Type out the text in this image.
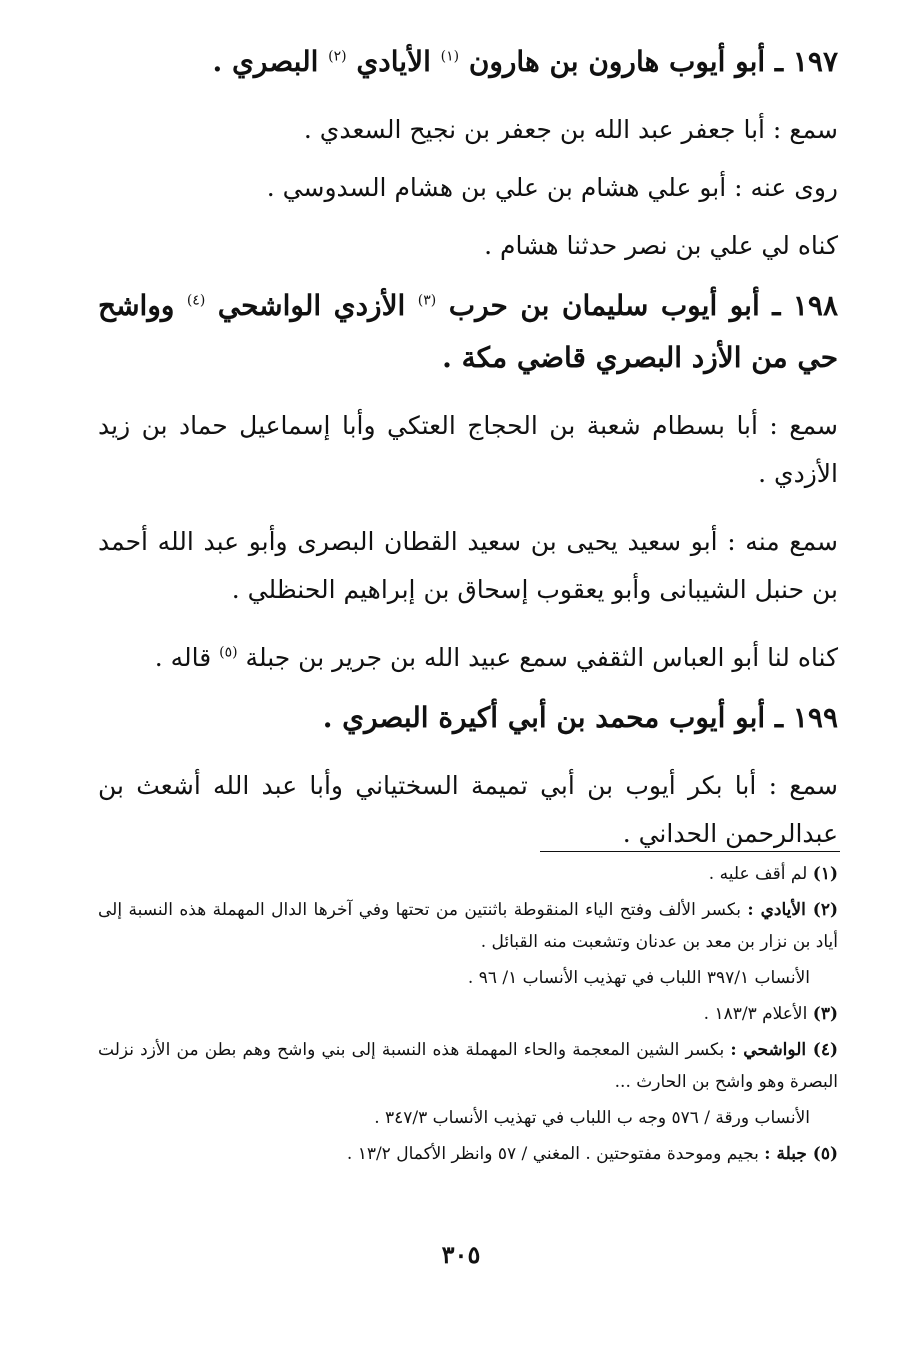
١٩٧ ـ أبو أيوب هارون بن هارون $^{(١)}$ الأيادي $^{(٢)}$ البصري .

سمع : أبا جعفر عبد الله بن جعفر بن نجيح السعدي .

روى عنه : أبو علي هشام بن علي بن هشام السدوسي .

كناه لي علي بن نصر حدثنا هشام .

١٩٨ ـ أبو أيوب سليمان بن حرب $^{(٣)}$ الأزدي الواشحي $^{(٤)}$ وواشح حي من الأزد البصري قاضي مكة .

سمع : أبا بسطام شعبة بن الحجاج العتكي وأبا إسماعيل حماد بن زيد الأزدي .

سمع منه : أبو سعيد يحيى بن سعيد القطان البصرى وأبو عبد الله أحمد بن حنبل الشيبانى وأبو يعقوب إسحاق بن إبراهيم الحنظلي .

كناه لنا أبو العباس الثقفي سمع عبيد الله بن جرير بن جبلة $^{(٥)}$ قاله .

١٩٩ ـ أبو أيوب محمد بن أبي أكيرة البصري .

سمع : أبا بكر أيوب بن أبي تميمة السختياني وأبا عبد الله أشعث بن عبدالرحمن الحداني .

(١) لم أقف عليه .

(٢) الأيادي : بكسر الألف وفتح الياء المنقوطة باثنتين من تحتها وفي آخرها الدال المهملة هذه النسبة إلى أياد بن نزار بن معد بن عدنان وتشعبت منه القبائل .

الأنساب ٣٩٧/١ اللباب في تهذيب الأنساب ١/ ٩٦ .

(٣) الأعلام ١٨٣/٣ .

(٤) الواشحي : بكسر الشين المعجمة والحاء المهملة هذه النسبة إلى بني واشح وهم بطن من الأزد نزلت البصرة وهو واشح بن الحارث ...

الأنساب ورقة / ٥٧٦ وجه ب اللباب في تهذيب الأنساب ٣٤٧/٣ .

(٥) جبلة : بجيم وموحدة مفتوحتين . المغني / ٥٧ وانظر الأكمال ١٣/٢ .

٣٠٥
